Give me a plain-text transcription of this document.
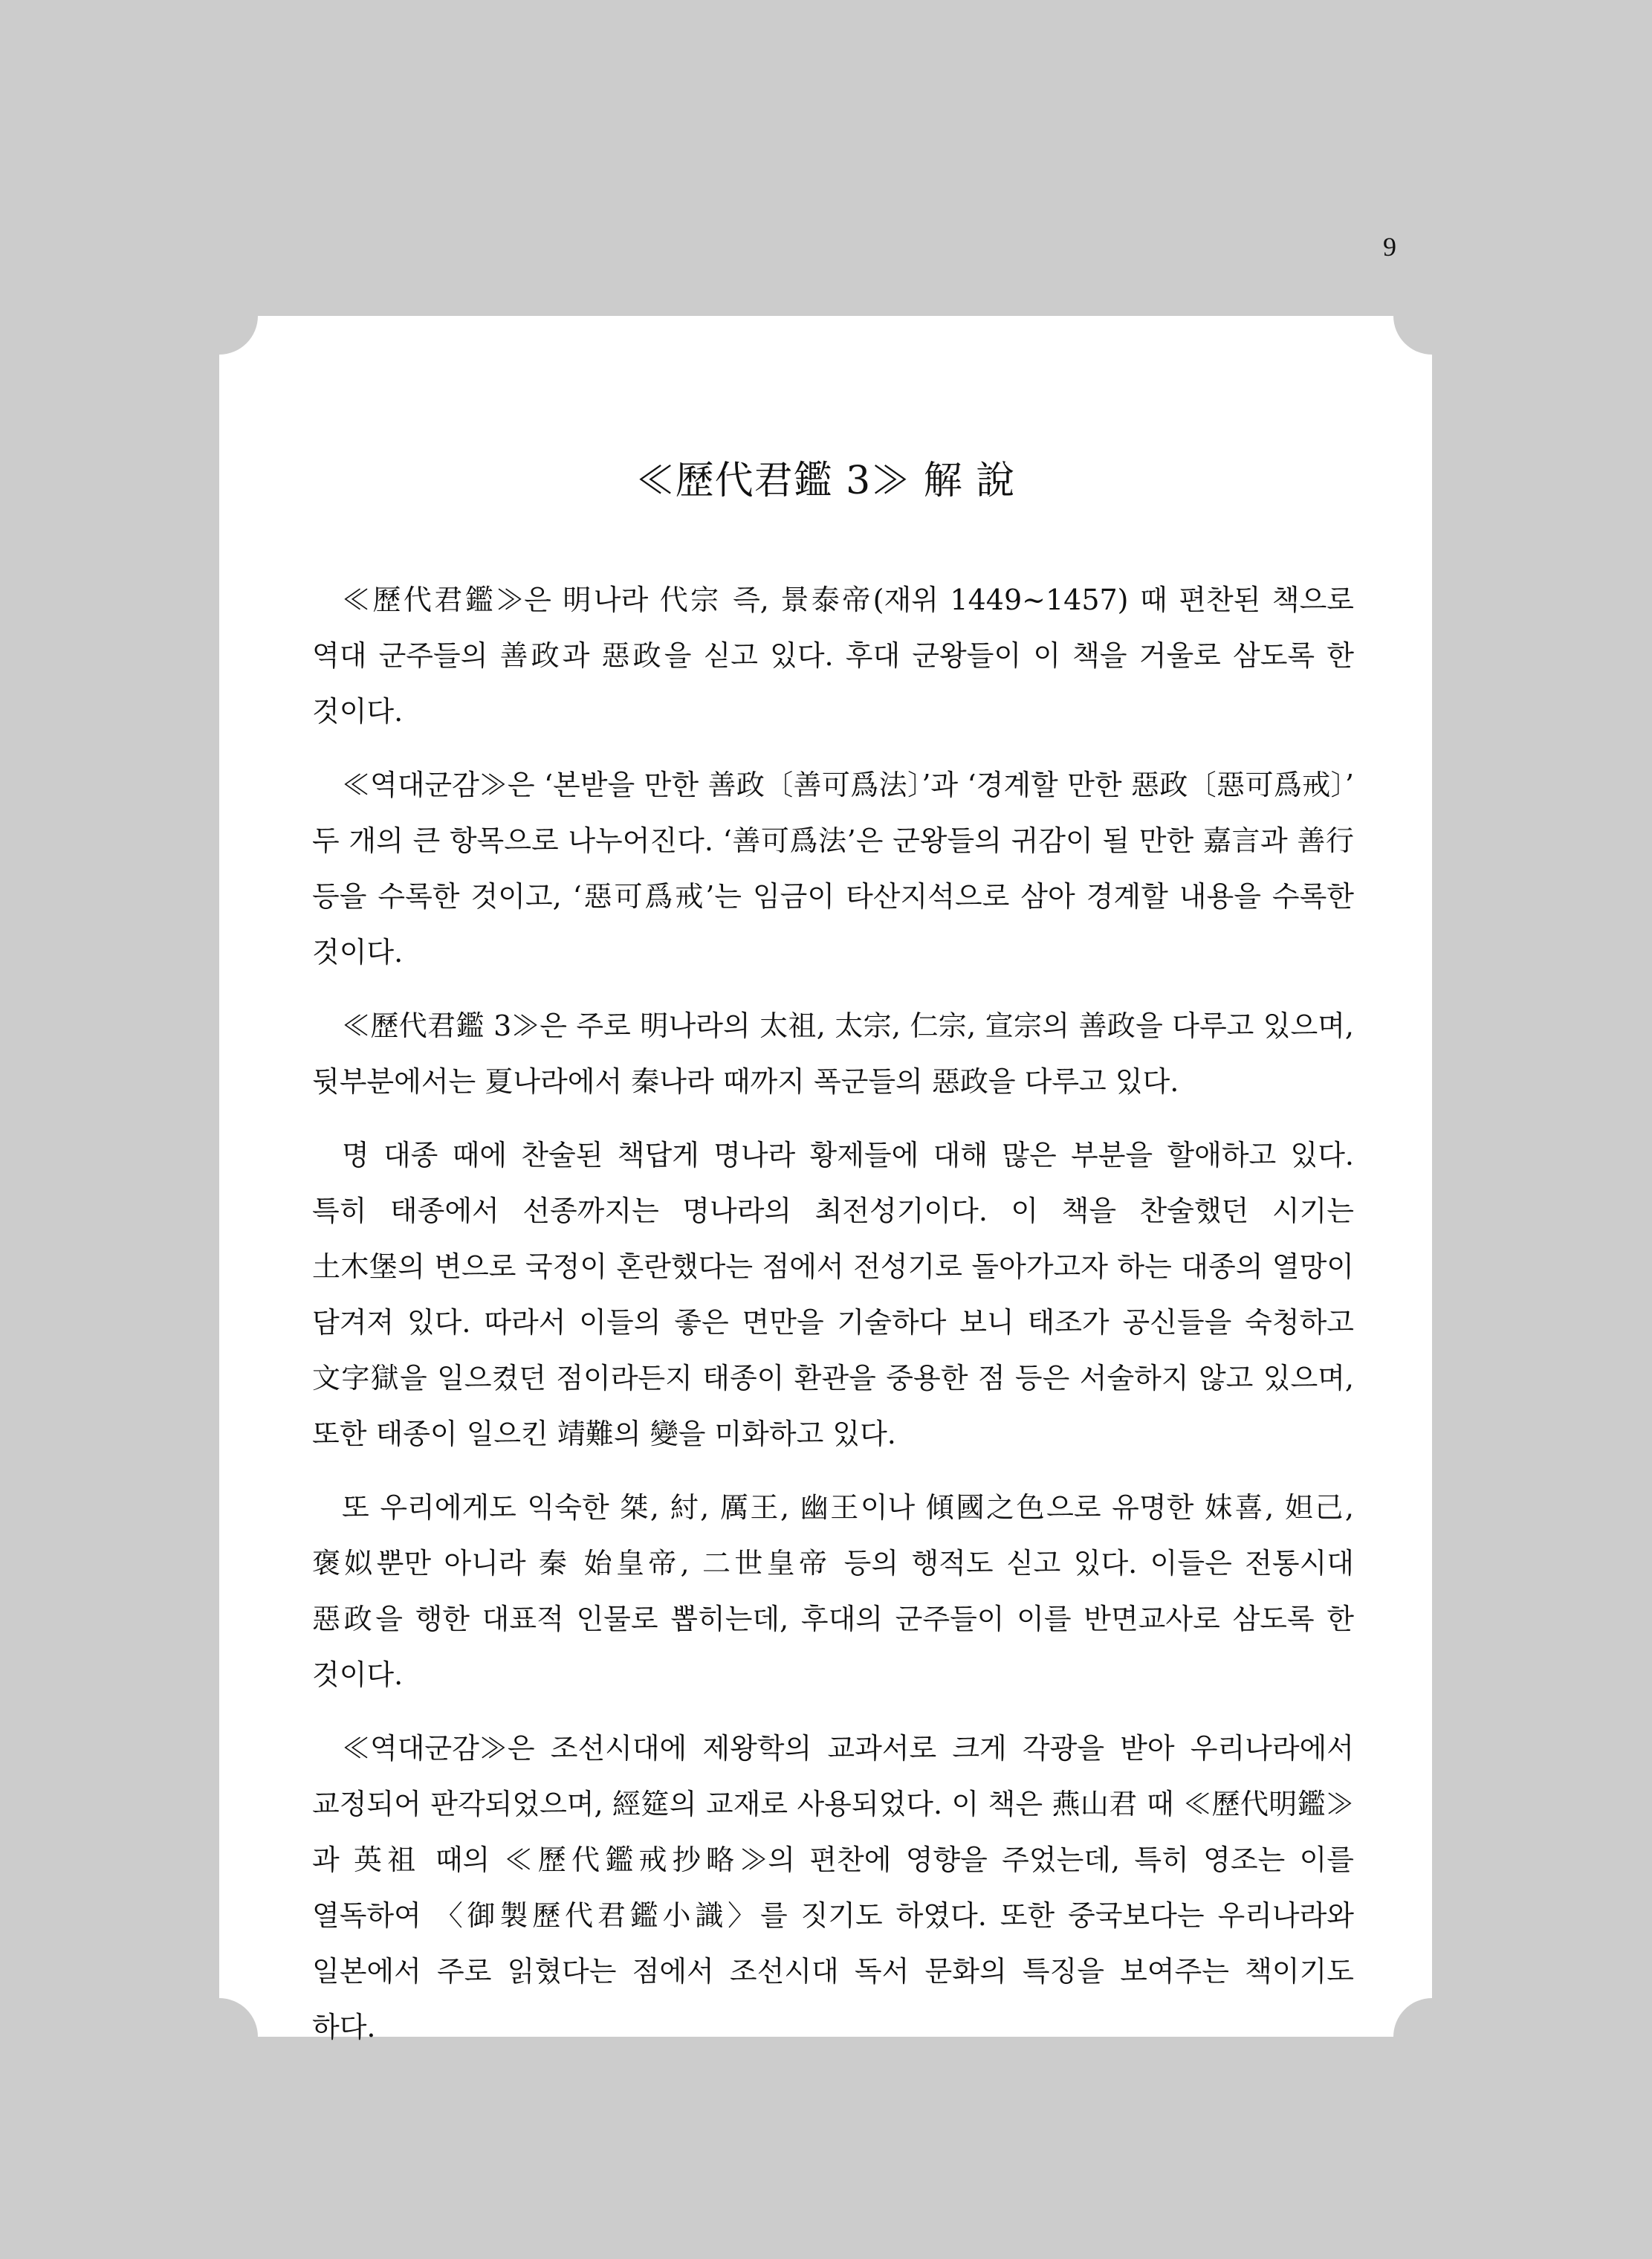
9
≪歷代君鑑 3≫ 解 說

≪歷代君鑑≫은 明나라 代宗 즉, 景泰帝(재위 1449~1457) 때 편찬된 책으로 역대 군주들의 善政과 惡政을 싣고 있다. 후대 군왕들이 이 책을 거울로 삼도록 한 것이다.

≪역대군감≫은 ‘본받을 만한 善政〔善可爲法〕’과 ‘경계할 만한 惡政〔惡可爲戒〕’ 두 개의 큰 항목으로 나누어진다. ‘善可爲法’은 군왕들의 귀감이 될 만한 嘉言과 善行 등을 수록한 것이고, ‘惡可爲戒’는 임금이 타산지석으로 삼아 경계할 내용을 수록한 것이다.

≪歷代君鑑 3≫은 주로 明나라의 太祖, 太宗, 仁宗, 宣宗의 善政을 다루고 있으며, 뒷부분에서는 夏나라에서 秦나라 때까지 폭군들의 惡政을 다루고 있다.

명 대종 때에 찬술된 책답게 명나라 황제들에 대해 많은 부분을 할애하고 있다. 특히 태종에서 선종까지는 명나라의 최전성기이다. 이 책을 찬술했던 시기는 土木堡의 변으로 국정이 혼란했다는 점에서 전성기로 돌아가고자 하는 대종의 열망이 담겨져 있다. 따라서 이들의 좋은 면만을 기술하다 보니 태조가 공신들을 숙청하고 文字獄을 일으켰던 점이라든지 태종이 환관을 중용한 점 등은 서술하지 않고 있으며, 또한 태종이 일으킨 靖難의 變을 미화하고 있다.

또 우리에게도 익숙한 桀, 紂, 厲王, 幽王이나 傾國之色으로 유명한 妺喜, 妲己, 褒姒뿐만 아니라 秦 始皇帝, 二世皇帝 등의 행적도 싣고 있다. 이들은 전통시대 惡政을 행한 대표적 인물로 뽑히는데, 후대의 군주들이 이를 반면교사로 삼도록 한 것이다.

≪역대군감≫은 조선시대에 제왕학의 교과서로 크게 각광을 받아 우리나라에서 교정되어 판각되었으며, 經筵의 교재로 사용되었다. 이 책은 燕山君 때 ≪歷代明鑑≫과 英祖 때의 ≪歷代鑑戒抄略≫의 편찬에 영향을 주었는데, 특히 영조는 이를 열독하여 〈御製歷代君鑑小識〉를 짓기도 하였다. 또한 중국보다는 우리나라와 일본에서 주로 읽혔다는 점에서 조선시대 독서 문화의 특징을 보여주는 책이기도 하다.
